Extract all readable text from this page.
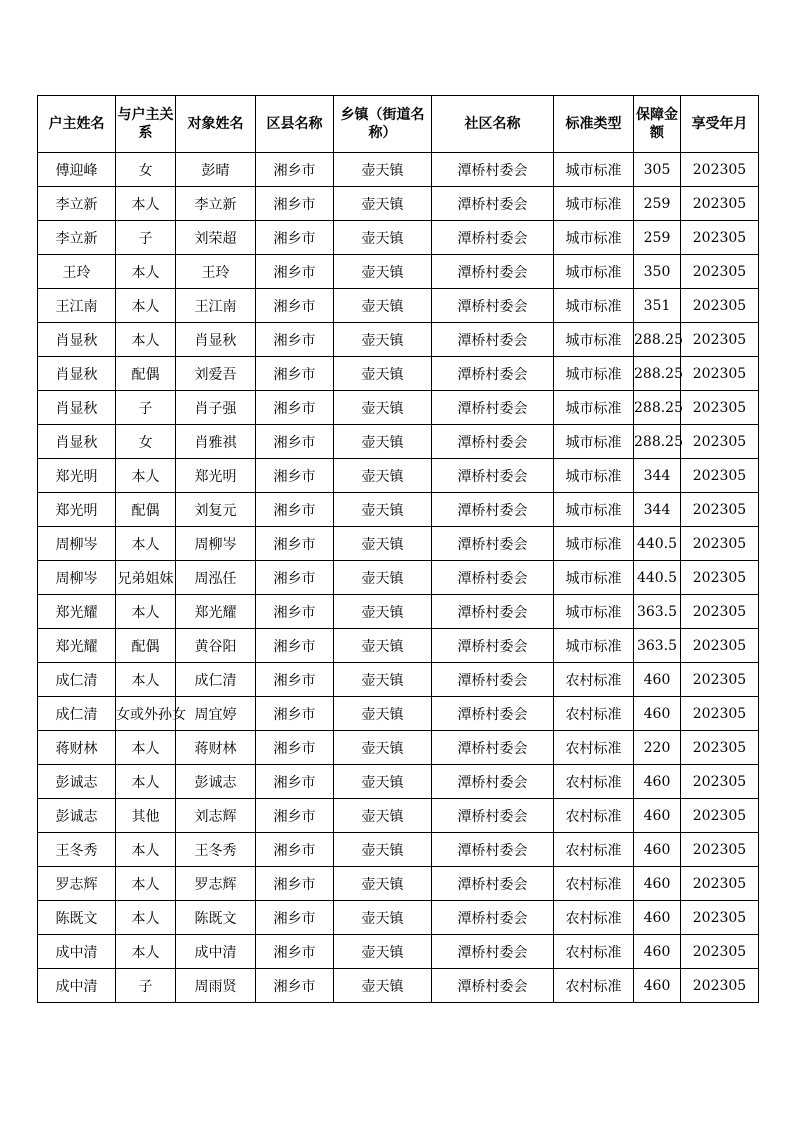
户主姓名	与户主关系	对象姓名	区县名称	乡镇（街道名称）	社区名称	标准类型	保障金额	享受年月
傅迎峰	女	彭晴	湘乡市	壶天镇	潭桥村委会	城市标准	305	202305
李立新	本人	李立新	湘乡市	壶天镇	潭桥村委会	城市标准	259	202305
李立新	子	刘荣超	湘乡市	壶天镇	潭桥村委会	城市标准	259	202305
王玲	本人	王玲	湘乡市	壶天镇	潭桥村委会	城市标准	350	202305
王江南	本人	王江南	湘乡市	壶天镇	潭桥村委会	城市标准	351	202305
肖显秋	本人	肖显秋	湘乡市	壶天镇	潭桥村委会	城市标准	288.25	202305
肖显秋	配偶	刘爱吾	湘乡市	壶天镇	潭桥村委会	城市标准	288.25	202305
肖显秋	子	肖子强	湘乡市	壶天镇	潭桥村委会	城市标准	288.25	202305
肖显秋	女	肖雅祺	湘乡市	壶天镇	潭桥村委会	城市标准	288.25	202305
郑光明	本人	郑光明	湘乡市	壶天镇	潭桥村委会	城市标准	344	202305
郑光明	配偶	刘复元	湘乡市	壶天镇	潭桥村委会	城市标准	344	202305
周柳岑	本人	周柳岑	湘乡市	壶天镇	潭桥村委会	城市标准	440.5	202305
周柳岑	兄弟姐妹	周泓任	湘乡市	壶天镇	潭桥村委会	城市标准	440.5	202305
郑光耀	本人	郑光耀	湘乡市	壶天镇	潭桥村委会	城市标准	363.5	202305
郑光耀	配偶	黄谷阳	湘乡市	壶天镇	潭桥村委会	城市标准	363.5	202305
成仁清	本人	成仁清	湘乡市	壶天镇	潭桥村委会	农村标准	460	202305
成仁清	女或外孙女	周宜婷	湘乡市	壶天镇	潭桥村委会	农村标准	460	202305
蒋财林	本人	蒋财林	湘乡市	壶天镇	潭桥村委会	农村标准	220	202305
彭诚志	本人	彭诚志	湘乡市	壶天镇	潭桥村委会	农村标准	460	202305
彭诚志	其他	刘志辉	湘乡市	壶天镇	潭桥村委会	农村标准	460	202305
王冬秀	本人	王冬秀	湘乡市	壶天镇	潭桥村委会	农村标准	460	202305
罗志辉	本人	罗志辉	湘乡市	壶天镇	潭桥村委会	农村标准	460	202305
陈既文	本人	陈既文	湘乡市	壶天镇	潭桥村委会	农村标准	460	202305
成中清	本人	成中清	湘乡市	壶天镇	潭桥村委会	农村标准	460	202305
成中清	子	周雨贤	湘乡市	壶天镇	潭桥村委会	农村标准	460	202305
